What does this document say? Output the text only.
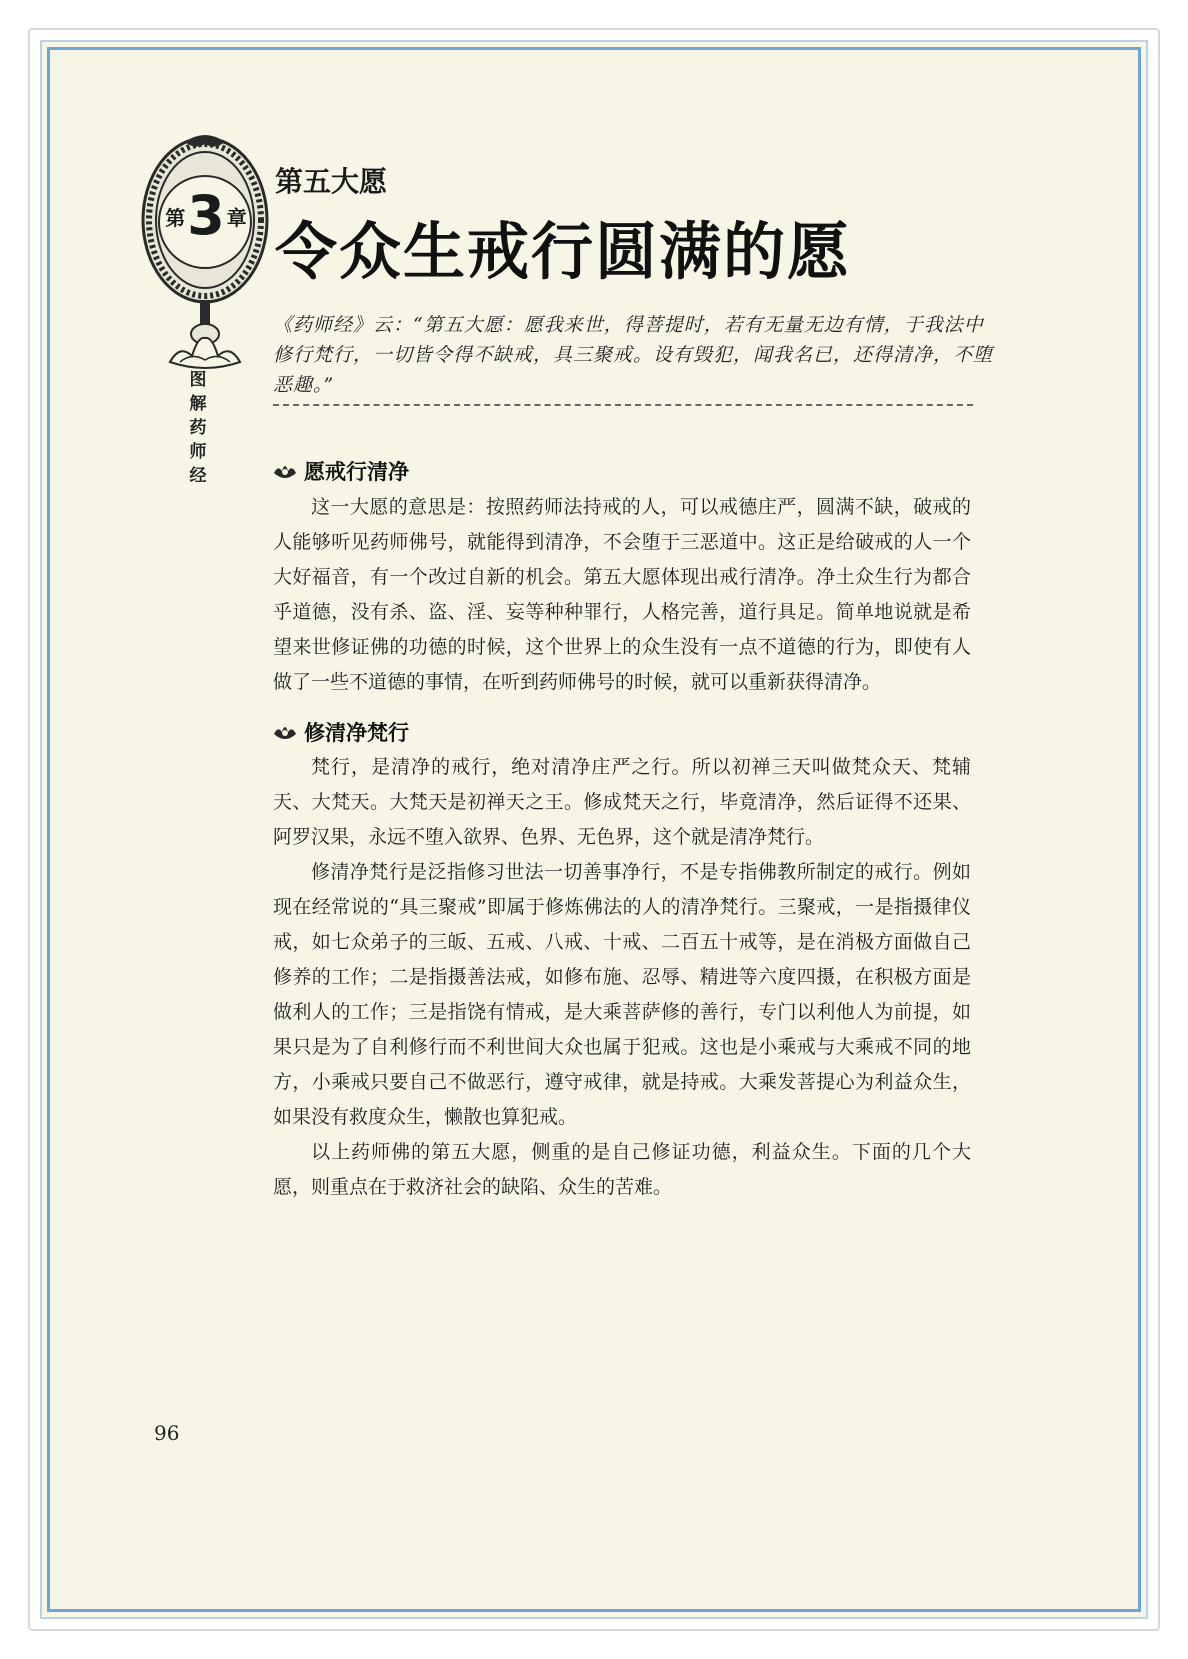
第 3 章
图解药师经
第五大愿
令众生戒行圆满的愿
《药师经》云：“第五大愿：愿我来世，得菩提时，若有无量无边有情，于我法中修行梵行，一切皆令得不缺戒，具三聚戒。设有毁犯，闻我名已，还得清净，不堕恶趣。”
愿戒行清净

这一大愿的意思是：按照药师法持戒的人，可以戒德庄严，圆满不缺，破戒的人能够听见药师佛号，就能得到清净，不会堕于三恶道中。这正是给破戒的人一个大好福音，有一个改过自新的机会。第五大愿体现出戒行清净。净土众生行为都合乎道德，没有杀、盗、淫、妄等种种罪行，人格完善，道行具足。简单地说就是希望来世修证佛的功德的时候，这个世界上的众生没有一点不道德的行为，即使有人做了一些不道德的事情，在听到药师佛号的时候，就可以重新获得清净。

修清净梵行

梵行，是清净的戒行，绝对清净庄严之行。所以初禅三天叫做梵众天、梵辅天、大梵天。大梵天是初禅天之王。修成梵天之行，毕竟清净，然后证得不还果、阿罗汉果，永远不堕入欲界、色界、无色界，这个就是清净梵行。

修清净梵行是泛指修习世法一切善事净行，不是专指佛教所制定的戒行。例如现在经常说的“具三聚戒”即属于修炼佛法的人的清净梵行。三聚戒，一是指摄律仪戒，如七众弟子的三皈、五戒、八戒、十戒、二百五十戒等，是在消极方面做自己修养的工作；二是指摄善法戒，如修布施、忍辱、精进等六度四摄，在积极方面是做利人的工作；三是指饶有情戒，是大乘菩萨修的善行，专门以利他人为前提，如果只是为了自利修行而不利世间大众也属于犯戒。这也是小乘戒与大乘戒不同的地方，小乘戒只要自己不做恶行，遵守戒律，就是持戒。大乘发菩提心为利益众生，如果没有救度众生，懒散也算犯戒。

以上药师佛的第五大愿，侧重的是自己修证功德，利益众生。下面的几个大愿，则重点在于救济社会的缺陷、众生的苦难。

96
